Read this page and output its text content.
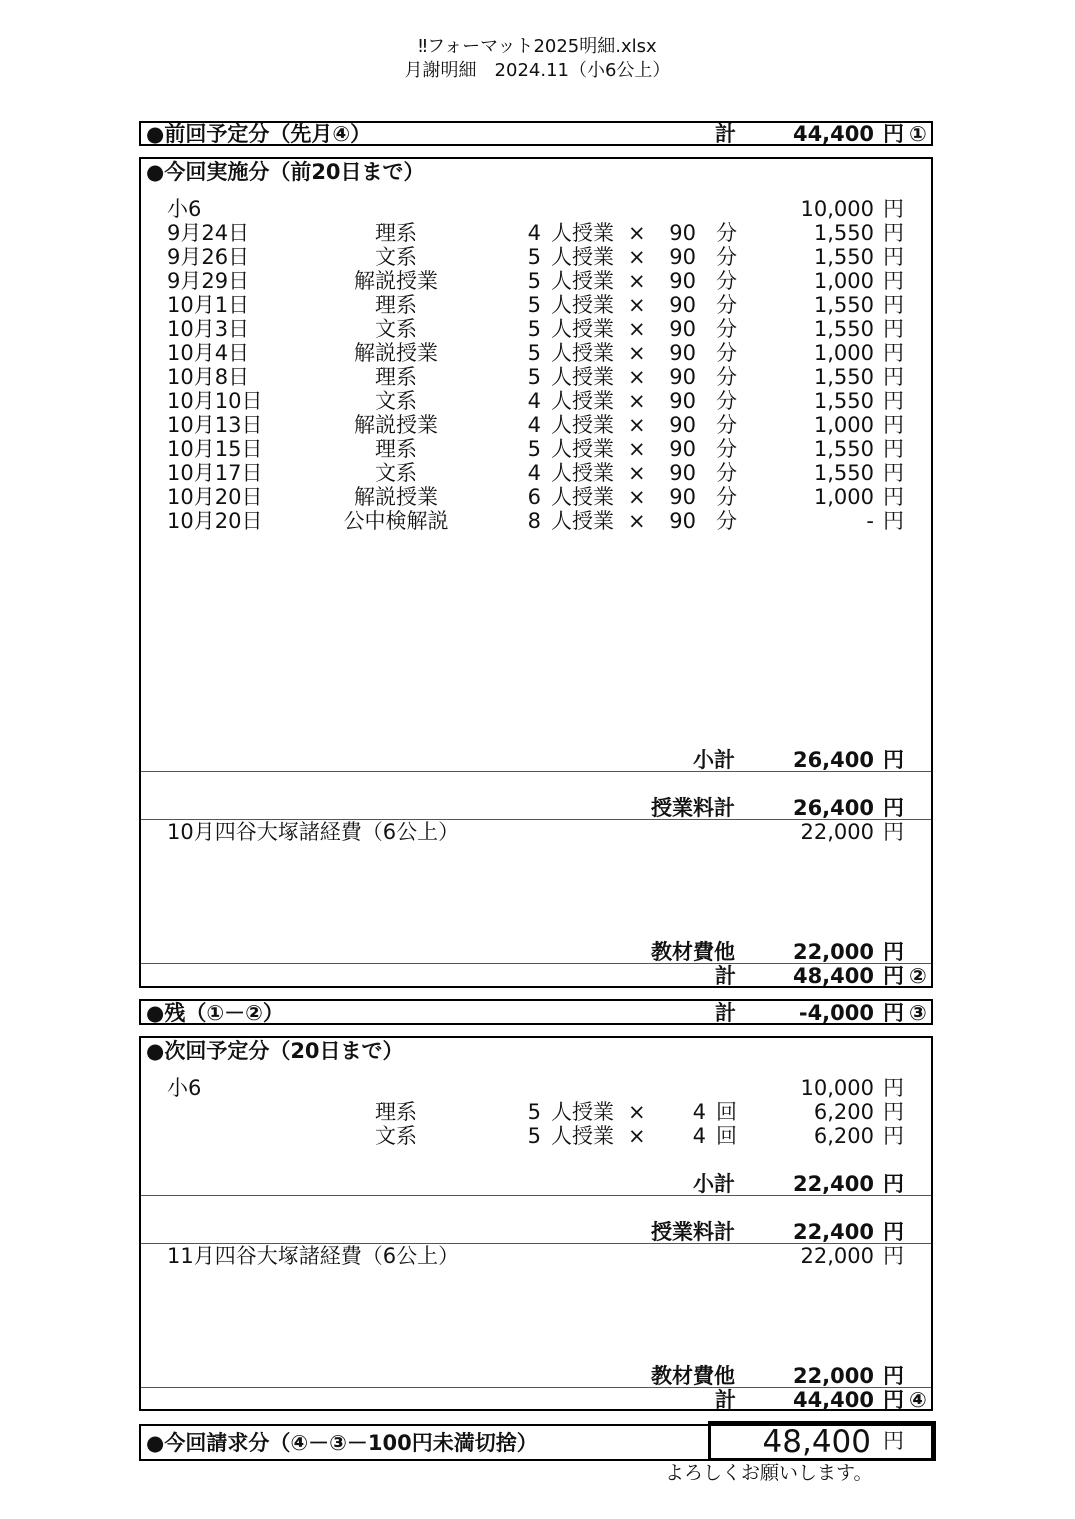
‼フォーマット2025明細.xlsx
月謝明細　2024.11（小6公上）
●前回予定分（先月④）	計	44,400 円 ①
●今回実施分（前20日まで）
小6	10,000 円
9月24日	理系	4 人授業 ×	90 分	1,550 円
9月26日	文系	5 人授業 ×	90 分	1,550 円
9月29日	解説授業	5 人授業 ×	90 分	1,000 円
10月1日	理系	5 人授業 ×	90 分	1,550 円
10月3日	文系	5 人授業 ×	90 分	1,550 円
10月4日	解説授業	5 人授業 ×	90 分	1,000 円
10月8日	理系	5 人授業 ×	90 分	1,550 円
10月10日	文系	4 人授業 ×	90 分	1,550 円
10月13日	解説授業	4 人授業 ×	90 分	1,000 円
10月15日	理系	5 人授業 ×	90 分	1,550 円
10月17日	文系	4 人授業 ×	90 分	1,550 円
10月20日	解説授業	6 人授業 ×	90 分	1,000 円
10月20日	公中検解説	8 人授業 ×	90 分	- 円
小計	26,400 円
授業料計	26,400 円
10月四谷大塚諸経費（6公上）	22,000 円
教材費他	22,000 円
計	48,400 円 ②
●残（①－②）	計	-4,000 円 ③
●次回予定分（20日まで）
小6	10,000 円
理系	5 人授業 ×	4 回	6,200 円
文系	5 人授業 ×	4 回	6,200 円
小計	22,400 円
授業料計	22,400 円
11月四谷大塚諸経費（6公上）	22,000 円
教材費他	22,000 円
計	44,400 円 ④
●今回請求分（④－③－100円未満切捨）	48,400 円
よろしくお願いします。
